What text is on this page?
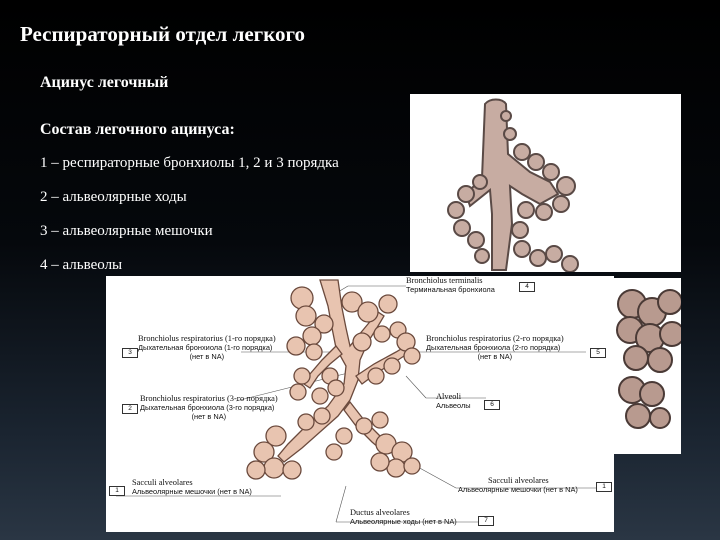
Респираторный отдел легкого
Ацинус легочный
Состав легочного ацинуса:
1 – респираторные бронхиолы 1, 2 и 3 порядка
2 – альвеолярные ходы
3 – альвеолярные мешочки
4 – альвеолы
Bronchiolus terminalis
Терминальная бронхиола	4
Bronchiolus respiratorius (1-го порядка)
Дыхательная бронхиола (1-го порядка)
(нет в NA)
3
Bronchiolus respiratorius (2-го порядка)
Дыхательная бронхиола (2-го порядка)
(нет в NA)	5
Bronchiolus respiratorius (3-го порядка)
Дыхательная бронхиола (3-го порядка)
(нет в NA)
2
Alveoli
Альвеолы	6
Sacculi alveolares
Альвеолярные мешочки (нет в NA)
1
Sacculi alveolares
Альвеолярные мешочки (нет в NA)	1
Ductus alveolares
Альвеолярные ходы (нет в NA)	7
